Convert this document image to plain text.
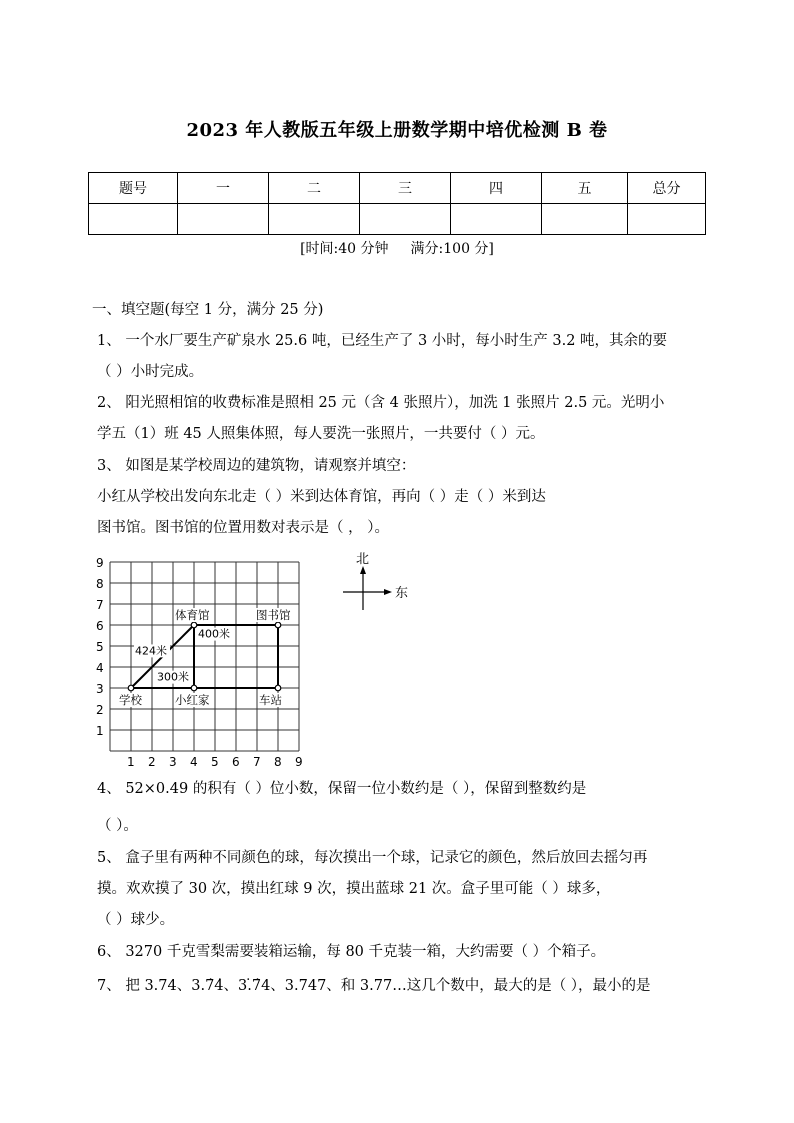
2023 年人教版五年级上册数学期中培优检测 B 卷
题号	一	二	三	四	五	总分

[时间:40 分钟 满分:100 分]
一、填空题(每空 1 分，满分 25 分)
1、 一个水厂要生产矿泉水 25.6 吨，已经生产了 3 小时，每小时生产 3.2 吨，其余的要
（ ）小时完成。
2、 阳光照相馆的收费标准是照相 25 元（含 4 张照片），加洗 1 张照片 2.5 元。光明小
学五（1）班 45 人照集体照，每人要洗一张照片，一共要付（ ）元。
3、 如图是某学校周边的建筑物，请观察并填空：
小红从学校出发向东北走（ ）米到达体育馆，再向（ ）走（ ）米到达
图书馆。图书馆的位置用数对表示是（ ， ）。
9
8
7
6
5
4
3
2
1
1 2 3 4 5 6 7 8 9
学校
体育馆	图书馆
小红家	车站
424米
400米
300米
北
东
4、 52×0.49 的积有（ ）位小数，保留一位小数约是（ ），保留到整数约是
（ ）。
5、 盒子里有两种不同颜色的球，每次摸出一个球，记录它的颜色，然后放回去摇匀再
摸。欢欢摸了 30 次，摸出红球 9 次，摸出蓝球 21 次。盒子里可能（ ）球多，
（ ）球少。
6、 3270 千克雪梨需要装箱运输，每 80 千克装一箱，大约需要（ ）个箱子。
7、 把 3.74、3.7̇4̇、3.̇7̇4、3.747、和 3.77…这几个数中，最大的是（ ），最小的是
